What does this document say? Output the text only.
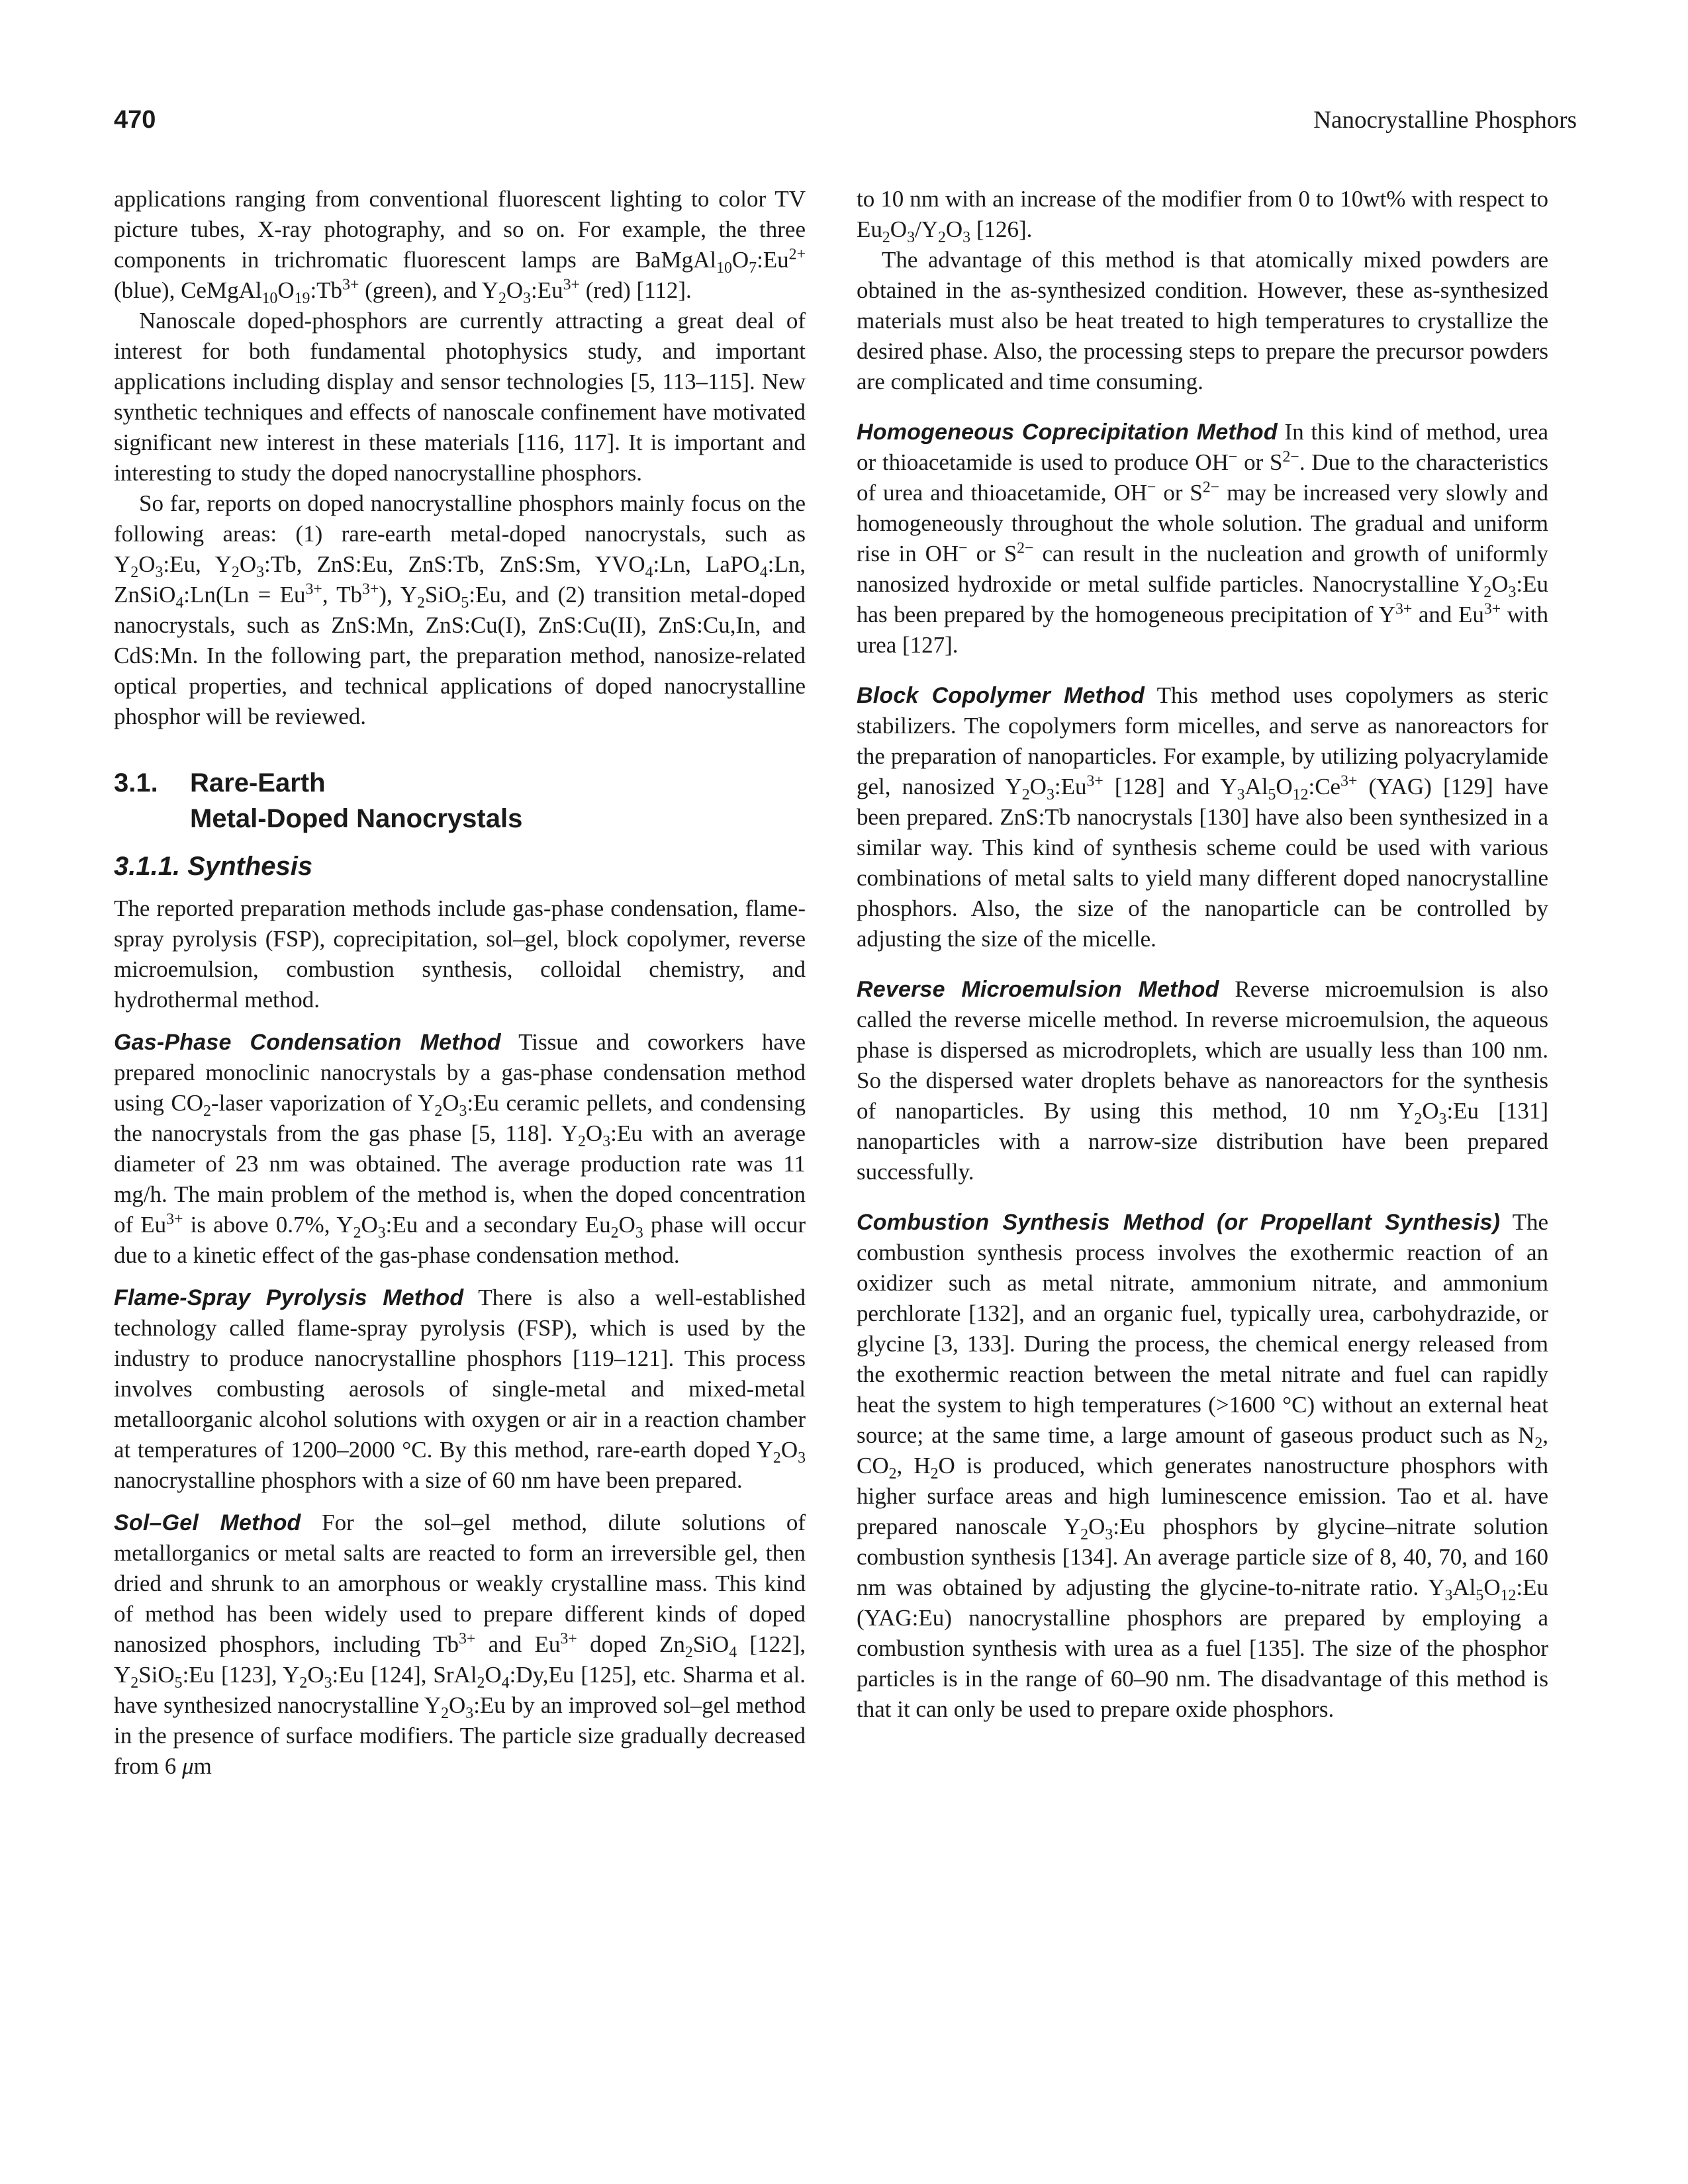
470	Nanocrystalline Phosphors

applications ranging from conventional fluorescent lighting to color TV picture tubes, X-ray photography, and so on. For example, the three components in trichromatic fluorescent lamps are $BaMgAl_{10}O_7:Eu^{2+}$ (blue), $CeMgAl_{10}O_{19}:Tb^{3+}$ (green), and $Y_2O_3:Eu^{3+}$ (red) [112].

Nanoscale doped-phosphors are currently attracting a great deal of interest for both fundamental photophysics study, and important applications including display and sensor technologies [5, 113–115]. New synthetic techniques and effects of nanoscale confinement have motivated significant new interest in these materials [116, 117]. It is important and interesting to study the doped nanocrystalline phosphors.

So far, reports on doped nanocrystalline phosphors mainly focus on the following areas: (1) rare-earth metal-doped nanocrystals, such as $Y_2O_3:Eu$, $Y_2O_3:Tb$, ZnS:Eu, ZnS:Tb, ZnS:Sm, $YVO_4:Ln$, LaPO$_4$:Ln, ZnSiO$_4$:Ln(Ln = $Eu^{3+}$, $Tb^{3+}$), $Y_2SiO_5:Eu$, and (2) transition metal-doped nanocrystals, such as ZnS:Mn, ZnS:Cu(I), ZnS:Cu(II), ZnS:Cu,In, and CdS:Mn. In the following part, the preparation method, nanosize-related optical properties, and technical applications of doped nanocrystalline phosphor will be reviewed.

3.1. Rare-Earth
Metal-Doped Nanocrystals
3.1.1. Synthesis

The reported preparation methods include gas-phase condensation, flame-spray pyrolysis (FSP), coprecipitation, sol–gel, block copolymer, reverse microemulsion, combustion synthesis, colloidal chemistry, and hydrothermal method.

Gas-Phase Condensation Method Tissue and coworkers have prepared monoclinic nanocrystals by a gas-phase condensation method using $CO_2$-laser vaporization of $Y_2O_3:Eu$ ceramic pellets, and condensing the nanocrystals from the gas phase [5, 118]. $Y_2O_3:Eu$ with an average diameter of 23 nm was obtained. The average production rate was 11 mg/h. The main problem of the method is, when the doped concentration of $Eu^{3+}$ is above 0.7%, $Y_2O_3:Eu$ and a secondary $Eu_2O_3$ phase will occur due to a kinetic effect of the gas-phase condensation method.

Flame-Spray Pyrolysis Method There is also a well-established technology called flame-spray pyrolysis (FSP), which is used by the industry to produce nanocrystalline phosphors [119–121]. This process involves combusting aerosols of single-metal and mixed-metal metalloorganic alcohol solutions with oxygen or air in a reaction chamber at temperatures of 1200–2000 °C. By this method, rare-earth doped $Y_2O_3$ nanocrystalline phosphors with a size of 60 nm have been prepared.

Sol–Gel Method For the sol–gel method, dilute solutions of metallorganics or metal salts are reacted to form an irreversible gel, then dried and shrunk to an amorphous or weakly crystalline mass. This kind of method has been widely used to prepare different kinds of doped nanosized phosphors, including $Tb^{3+}$ and $Eu^{3+}$ doped $Zn_2SiO_4$ [122], $Y_2SiO_5:Eu$ [123], $Y_2O_3:Eu$ [124], $SrAl_2O_4:Dy,Eu$ [125], etc. Sharma et al. have synthesized nanocrystalline $Y_2O_3:Eu$ by an improved sol–gel method in the presence of surface modifiers. The particle size gradually decreased from 6 μm

to 10 nm with an increase of the modifier from 0 to 10wt% with respect to $Eu_2O_3/Y_2O_3$ [126].

The advantage of this method is that atomically mixed powders are obtained in the as-synthesized condition. However, these as-synthesized materials must also be heat treated to high temperatures to crystallize the desired phase. Also, the processing steps to prepare the precursor powders are complicated and time consuming.

Homogeneous Coprecipitation Method In this kind of method, urea or thioacetamide is used to produce OH− or $S^{2-}$. Due to the characteristics of urea and thioacetamide, OH− or $S^{2-}$ may be increased very slowly and homogeneously throughout the whole solution. The gradual and uniform rise in OH− or $S^{2-}$ can result in the nucleation and growth of uniformly nanosized hydroxide or metal sulfide particles. Nanocrystalline $Y_2O_3:Eu$ has been prepared by the homogeneous precipitation of $Y^{3+}$ and $Eu^{3+}$ with urea [127].

Block Copolymer Method This method uses copolymers as steric stabilizers. The copolymers form micelles, and serve as nanoreactors for the preparation of nanoparticles. For example, by utilizing polyacrylamide gel, nanosized $Y_2O_3:Eu^{3+}$ [128] and $Y_3Al_5O_{12}:Ce^{3+}$ (YAG) [129] have been prepared. ZnS:Tb nanocrystals [130] have also been synthesized in a similar way. This kind of synthesis scheme could be used with various combinations of metal salts to yield many different doped nanocrystalline phosphors. Also, the size of the nanoparticle can be controlled by adjusting the size of the micelle.

Reverse Microemulsion Method Reverse microemulsion is also called the reverse micelle method. In reverse microemulsion, the aqueous phase is dispersed as microdroplets, which are usually less than 100 nm. So the dispersed water droplets behave as nanoreactors for the synthesis of nanoparticles. By using this method, 10 nm $Y_2O_3:Eu$ [131] nanoparticles with a narrow-size distribution have been prepared successfully.

Combustion Synthesis Method (or Propellant Synthesis) The combustion synthesis process involves the exothermic reaction of an oxidizer such as metal nitrate, ammonium nitrate, and ammonium perchlorate [132], and an organic fuel, typically urea, carbohydrazide, or glycine [3, 133]. During the process, the chemical energy released from the exothermic reaction between the metal nitrate and fuel can rapidly heat the system to high temperatures (>1600 °C) without an external heat source; at the same time, a large amount of gaseous product such as $N_2$, $CO_2$, $H_2O$ is produced, which generates nanostructure phosphors with higher surface areas and high luminescence emission. Tao et al. have prepared nanoscale $Y_2O_3:Eu$ phosphors by glycine–nitrate solution combustion synthesis [134]. An average particle size of 8, 40, 70, and 160 nm was obtained by adjusting the glycine-to-nitrate ratio. $Y_3Al_5O_{12}:Eu$ (YAG:Eu) nanocrystalline phosphors are prepared by employing a combustion synthesis with urea as a fuel [135]. The size of the phosphor particles is in the range of 60–90 nm. The disadvantage of this method is that it can only be used to prepare oxide phosphors.
